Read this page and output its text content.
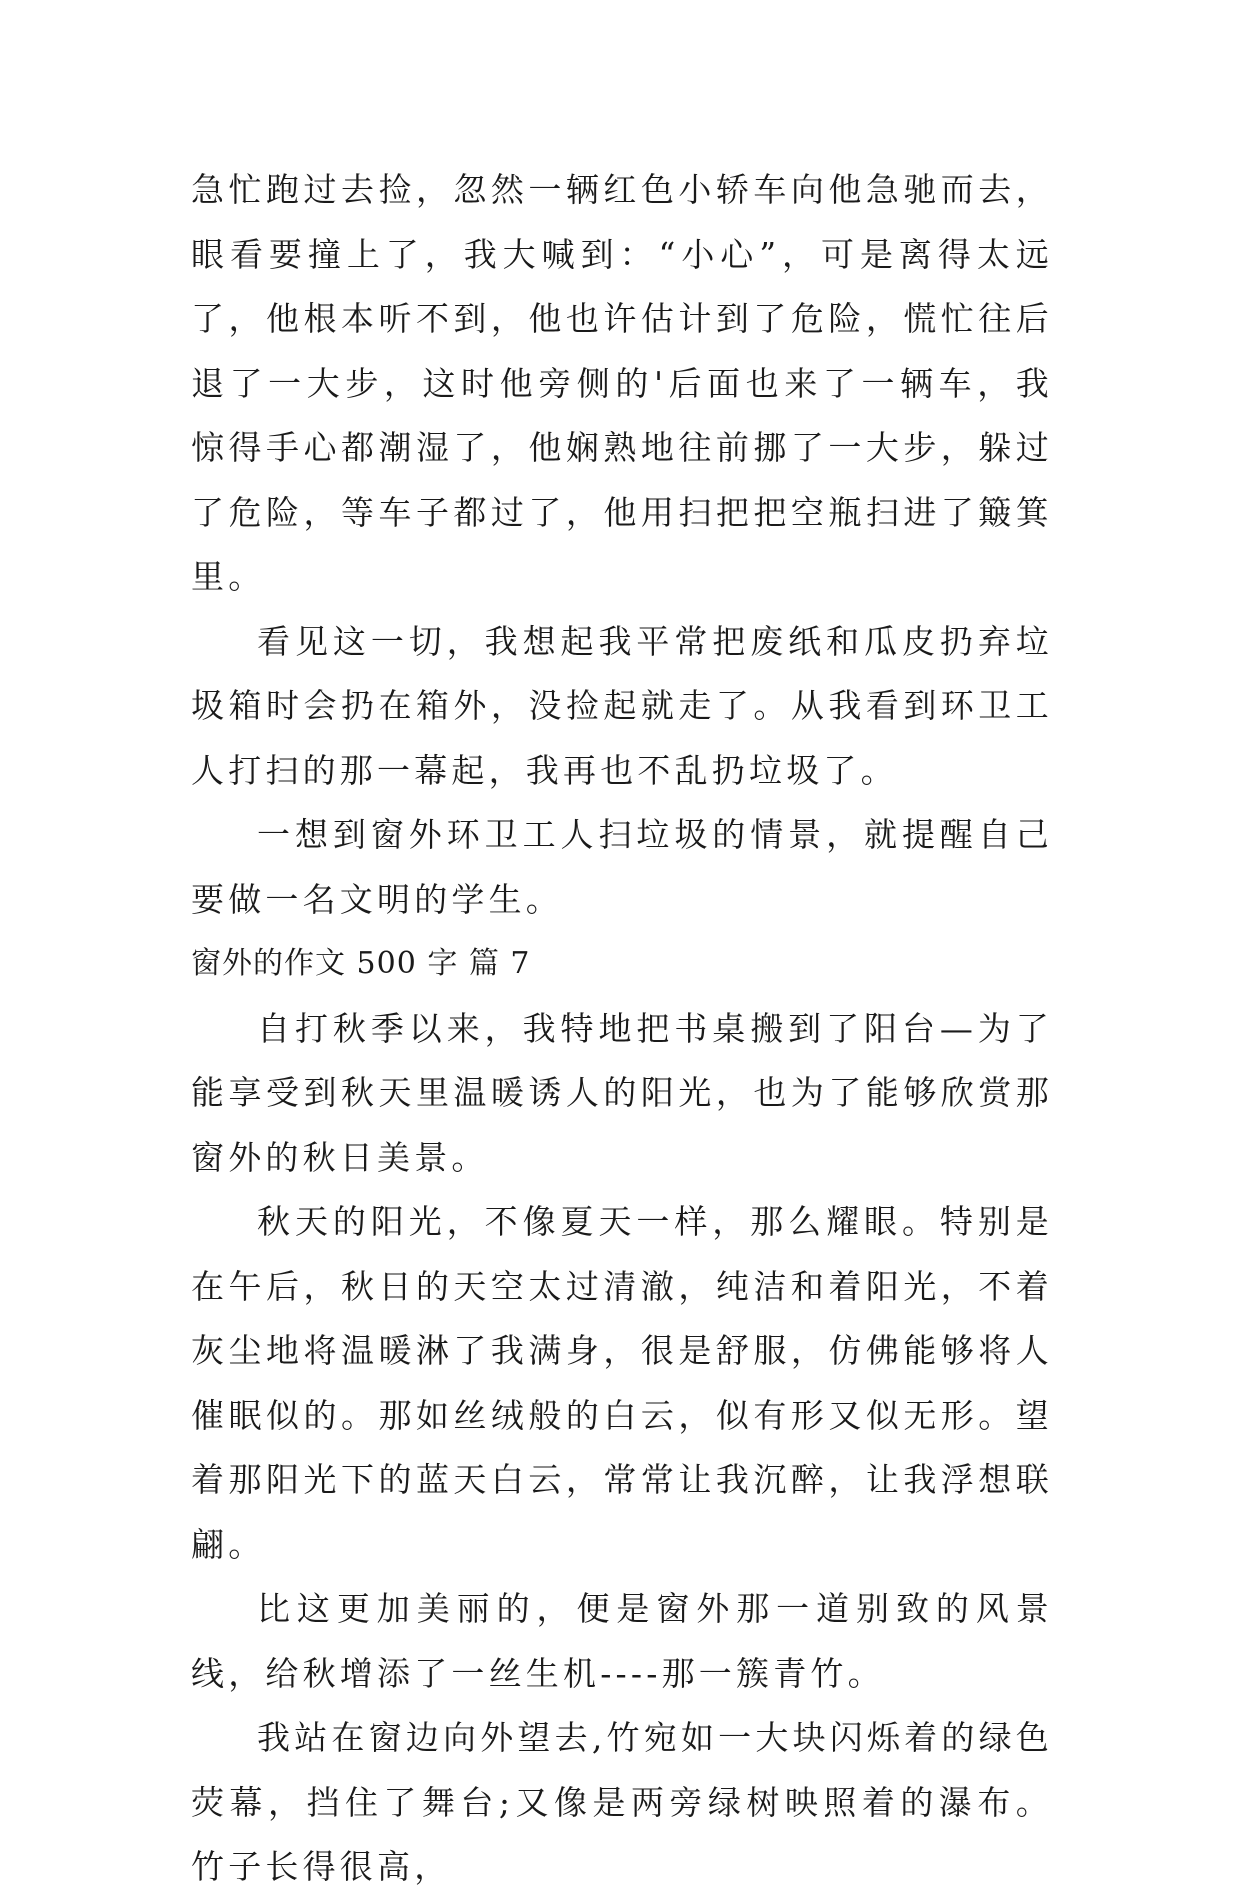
急忙跑过去捡，忽然一辆红色小轿车向他急驰而去，眼看要撞上了，我大喊到：“小心”，可是离得太远了，他根本听不到，他也许估计到了危险，慌忙往后退了一大步，这时他旁侧的'后面也来了一辆车，我惊得手心都潮湿了，他娴熟地往前挪了一大步，躲过了危险，等车子都过了，他用扫把把空瓶扫进了簸箕里。

看见这一切，我想起我平常把废纸和瓜皮扔弃垃圾箱时会扔在箱外，没捡起就走了。从我看到环卫工人打扫的那一幕起，我再也不乱扔垃圾了。

一想到窗外环卫工人扫垃圾的情景，就提醒自己要做一名文明的学生。

窗外的作文 500 字 篇 7

自打秋季以来，我特地把书桌搬到了阳台—为了能享受到秋天里温暖诱人的阳光，也为了能够欣赏那窗外的秋日美景。

秋天的阳光，不像夏天一样，那么耀眼。特别是在午后，秋日的天空太过清澈，纯洁和着阳光，不着灰尘地将温暖淋了我满身，很是舒服，仿佛能够将人催眠似的。那如丝绒般的白云，似有形又似无形。望着那阳光下的蓝天白云，常常让我沉醉，让我浮想联翩。

比这更加美丽的，便是窗外那一道别致的风景线，给秋增添了一丝生机----那一簇青竹。

我站在窗边向外望去,竹宛如一大块闪烁着的绿色荧幕，挡住了舞台;又像是两旁绿树映照着的瀑布。竹子长得很高，
